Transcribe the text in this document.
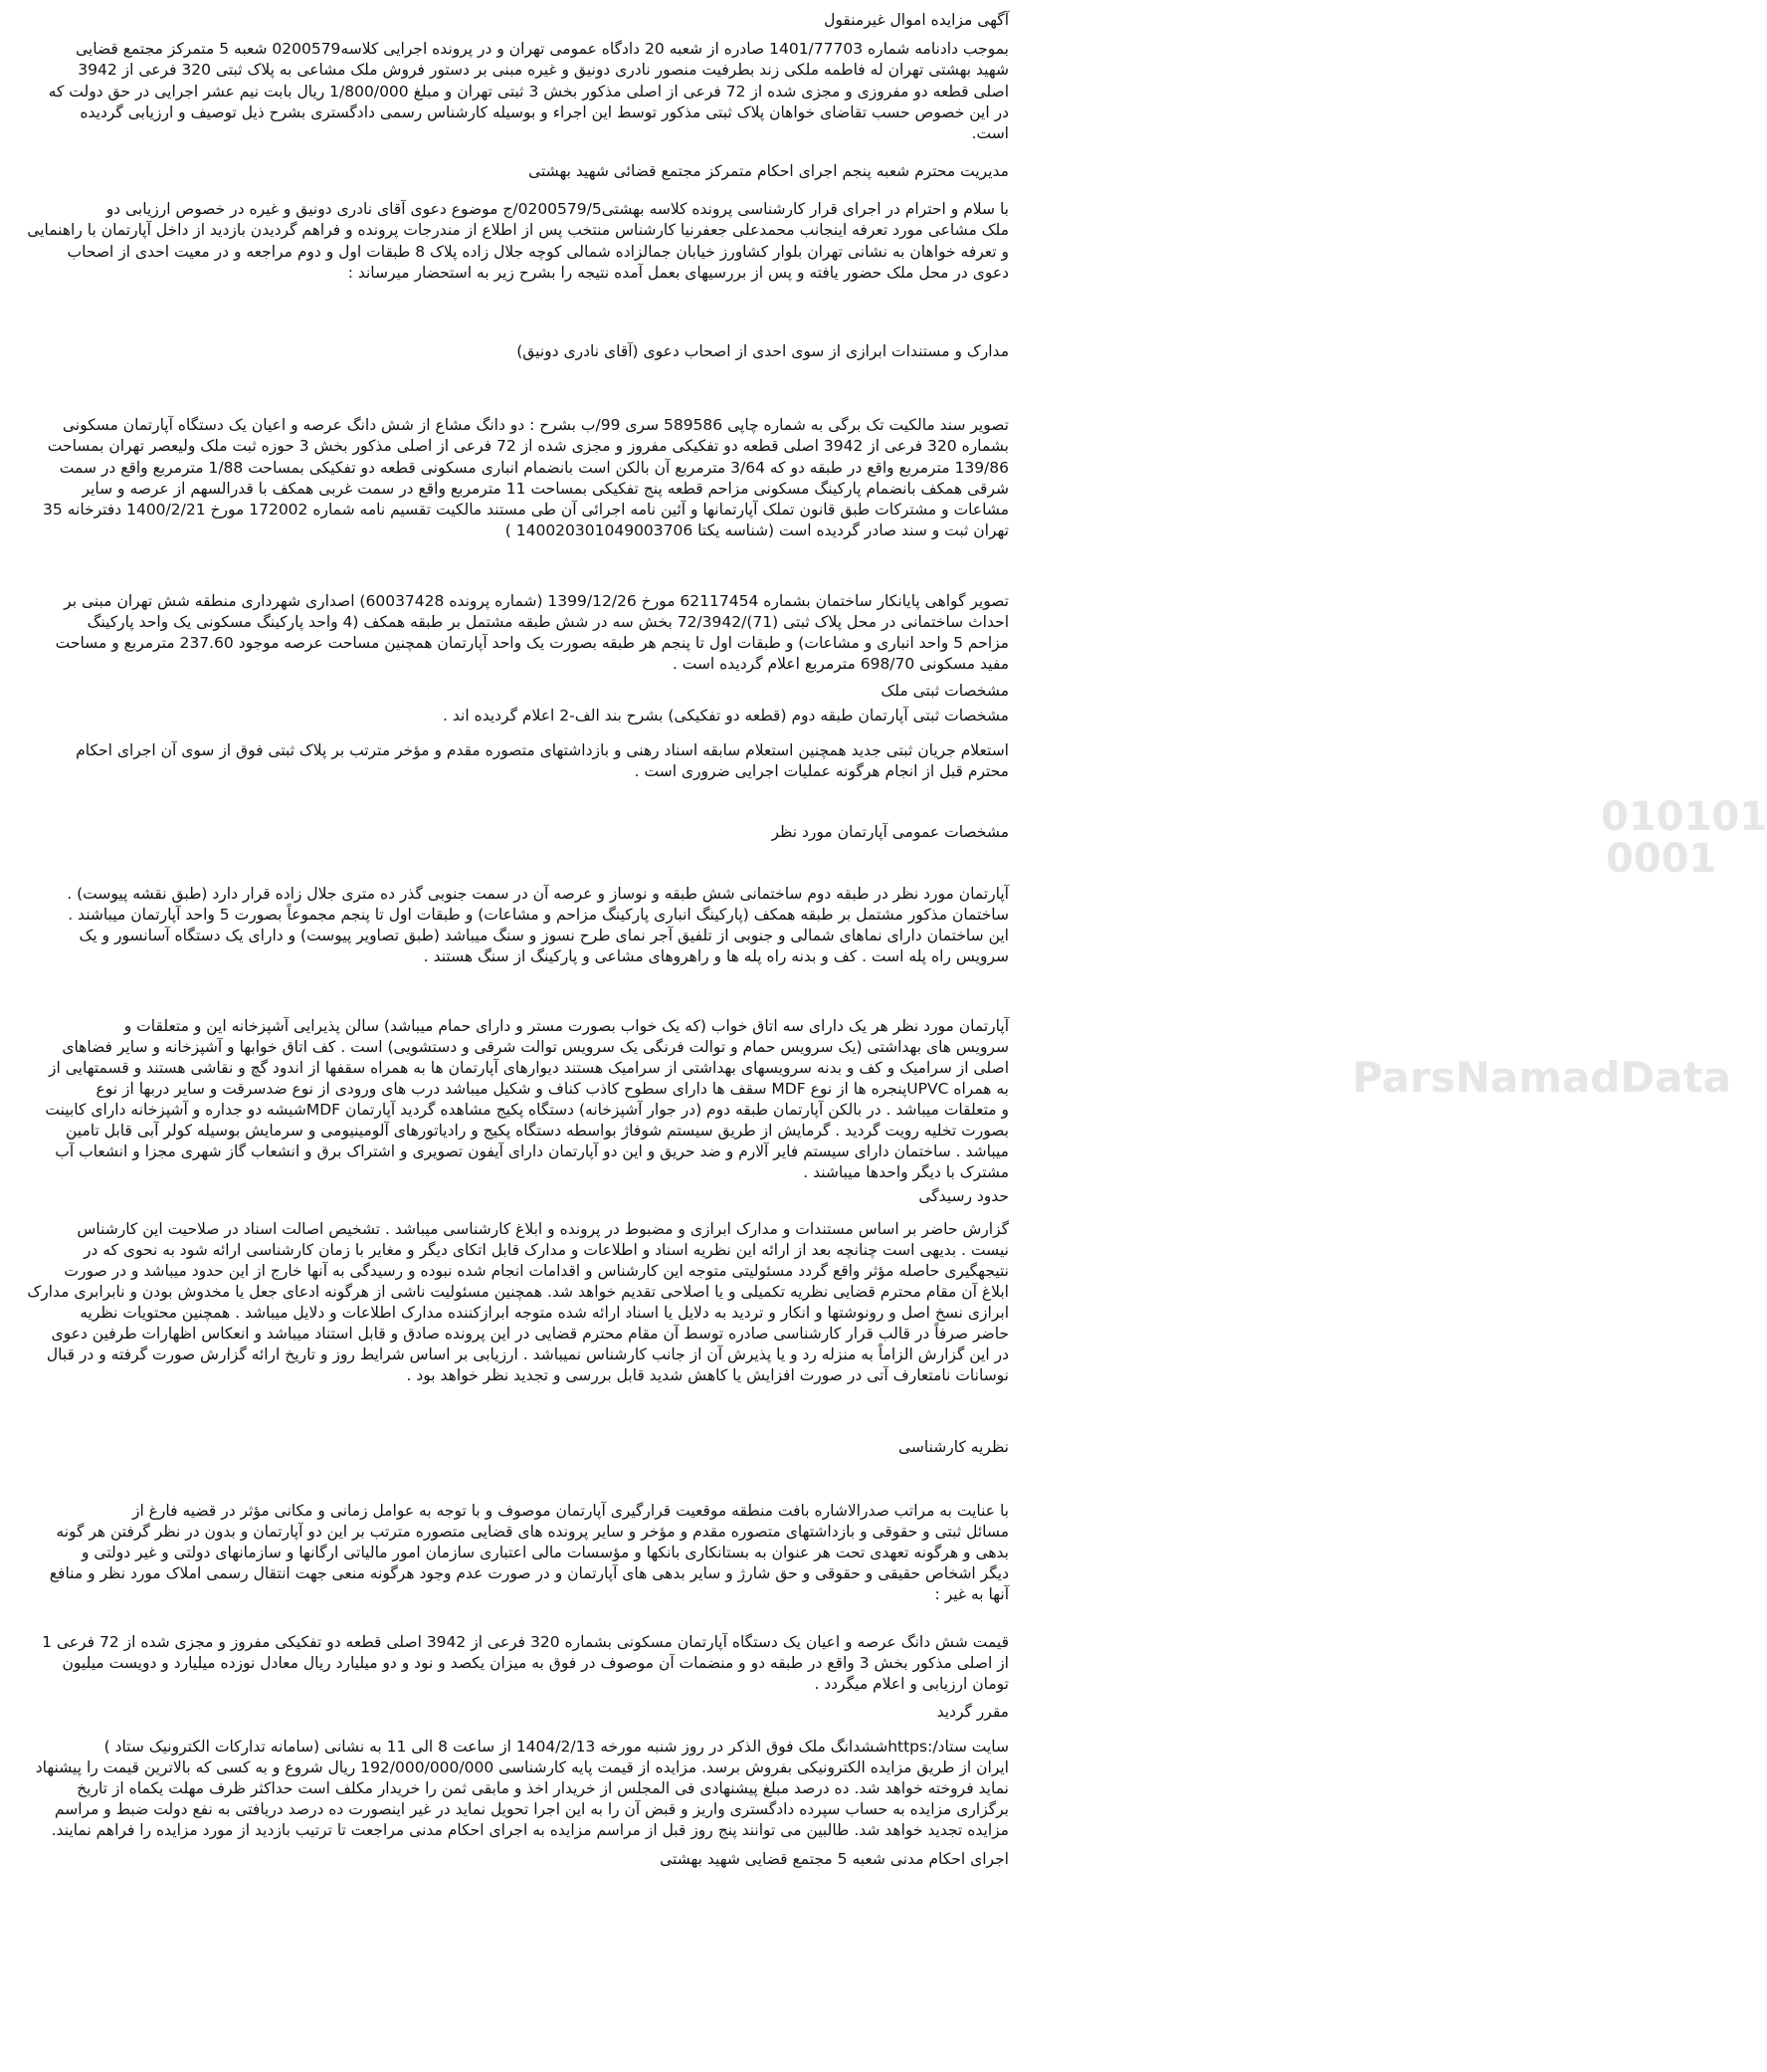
010101
0001
ParsNamadData
آگهی مزایده اموال غیرمنقول
بموجب دادنامه شماره 1401/77703 صادره از شعبه 20 دادگاه عمومی تهران و در پرونده اجرایی کلاسه0200579 شعبه 5 متمرکز مجتمع قضایی
شهید بهشتی تهران له فاطمه ملکی زند بطرفیت منصور نادری دونیق و غیره مبنی بر دستور فروش ملک مشاعی به پلاک ثبتی 320 فرعی از 3942
اصلی قطعه دو مفروزی و مجزی شده از 72 فرعی از اصلی مذکور بخش 3 ثبتی تهران و مبلغ 1/800/000 ریال بابت نیم عشر اجرایی در حق دولت که
در این خصوص حسب تقاضای خواهان پلاک ثبتی مذکور توسط این اجراء و بوسیله کارشناس رسمی دادگستری بشرح ذیل توصیف و ارزیابی گردیده
است.
مدیریت محترم شعبه پنجم اجرای احکام متمرکز مجتمع قضائی شهید بهشتی
با سلام و احترام در اجرای قرار کارشناسی پرونده کلاسه بهشتی0200579/5/ج موضوع دعوی آقای نادری دونیق و غیره در خصوص ارزیابی دو
ملک مشاعی مورد تعرفه اینجانب محمدعلی جعفرنیا کارشناس منتخب پس از اطلاع از مندرجات پرونده و فراهم گردیدن بازدید از داخل آپارتمان با راهنمایی
و تعرفه خواهان به نشانی تهران بلوار کشاورز خیابان جمالزاده شمالی کوچه جلال زاده پلاک 8 طبقات اول و دوم مراجعه و در معیت احدی از اصحاب
دعوی در محل ملک حضور یافته و پس از بررسیهای بعمل آمده نتیجه را بشرح زیر به استحضار میرساند :
مدارک و مستندات ابرازی از سوی احدی از اصحاب دعوی (آقای نادری دونیق)
تصویر سند مالکیت تک برگی به شماره چاپی 589586 سری 99/ب بشرح : دو دانگ مشاع از شش دانگ عرصه و اعیان یک دستگاه آپارتمان مسکونی
بشماره 320 فرعی از 3942 اصلی قطعه دو تفکیکی مفروز و مجزی شده از 72 فرعی از اصلی مذکور بخش 3 حوزه ثبت ملک ولیعصر تهران بمساحت
139/86 مترمربع واقع در طبقه دو که 3/64 مترمربع آن بالکن است بانضمام انباری مسکونی قطعه دو تفکیکی بمساحت 1/88 مترمربع واقع در سمت
شرقی همکف بانضمام پارکینگ مسکونی مزاحم قطعه پنج تفکیکی بمساحت 11 مترمربع واقع در سمت غربی همکف با قدرالسهم از عرصه و سایر
مشاعات و مشترکات طبق قانون تملک آپارتمانها و آئین نامه اجرائی آن طی مستند مالکیت تقسیم نامه شماره 172002 مورخ 1400/2/21 دفترخانه 35
تهران ثبت و سند صادر گردیده است (شناسه یکتا 140020301049003706 )
تصویر گواهی پایانکار ساختمان بشماره 62117454 مورخ 1399/12/26 (شماره پرونده 60037428) اصداری شهرداری منطقه شش تهران مبنی بر
احداث ساختمانی در محل پلاک ثبتی (71)/72/3942 بخش سه در شش طبقه مشتمل بر طبقه همکف (4 واحد پارکینگ مسکونی یک واحد پارکینگ
مزاحم 5 واحد انباری و مشاعات) و طبقات اول تا پنجم هر طبقه بصورت یک واحد آپارتمان همچنین مساحت عرصه موجود 237.60 مترمربع و مساحت
مفید مسکونی 698/70 مترمربع اعلام گردیده است .
مشخصات ثبتی ملک
مشخصات ثبتی آپارتمان طبقه دوم (قطعه دو تفکیکی) بشرح بند الف-2 اعلام گردیده اند .
استعلام جریان ثبتی جدید همچنین استعلام سابقه اسناد رهنی و بازداشتهای متصوره مقدم و مؤخر مترتب بر پلاک ثبتی فوق از سوی آن اجرای احکام
محترم قبل از انجام هرگونه عملیات اجرایی ضروری است .
مشخصات عمومی آپارتمان مورد نظر
آپارتمان مورد نظر در طبقه دوم ساختمانی شش طبقه و نوساز و عرصه آن در سمت جنوبی گذر ده متری جلال زاده قرار دارد (طبق نقشه پیوست) .
ساختمان مذکور مشتمل بر طبقه همکف (پارکینگ انباری پارکینگ مزاحم و مشاعات) و طبقات اول تا پنجم مجموعاً بصورت 5 واحد آپارتمان میباشند .
این ساختمان دارای نماهای شمالی و جنوبی از تلفیق آجر نمای طرح نسوز و سنگ میباشد (طبق تصاویر پیوست) و دارای یک دستگاه آسانسور و یک
سرویس راه پله است . کف و بدنه راه پله ها و راهروهای مشاعی و پارکینگ از سنگ هستند .
آپارتمان مورد نظر هر یک دارای سه اتاق خواب (که یک خواب بصورت مستر و دارای حمام میباشد) سالن پذیرایی آشپزخانه این و متعلقات و
سرویس های بهداشتی (یک سرویس حمام و توالت فرنگی یک سرویس توالت شرقی و دستشویی) است . کف اتاق خوابها و آشپزخانه و سایر فضاهای
اصلی از سرامیک و کف و بدنه سرویسهای بهداشتی از سرامیک هستند دیوارهای آپارتمان ها به همراه سقفها از اندود گچ و نقاشی هستند و قسمتهایی از
به همراه UPVCپنجره ها از نوع MDF سقف ها دارای سطوح کاذب کناف و شکیل میباشد درب های ورودی از نوع ضدسرقت و سایر دربها از نوع
و متعلقات میباشد . در بالکن آپارتمان طبقه دوم (در جوار آشپزخانه) دستگاه پکیج مشاهده گردید آپارتمان MDFشیشه دو جداره و آشپزخانه دارای کابینت
بصورت تخلیه رویت گردید . گرمایش از طریق سیستم شوفاژ بواسطه دستگاه پکیج و رادیاتورهای آلومینیومی و سرمایش بوسیله کولر آبی قابل تامین
میباشد . ساختمان دارای سیستم فایر آلارم و ضد حریق و این دو آپارتمان دارای آیفون تصویری و اشتراک برق و انشعاب گاز شهری مجزا و انشعاب آب
مشترک با دیگر واحدها میباشند .
حدود رسیدگی
گزارش حاضر بر اساس مستندات و مدارک ابرازی و مضبوط در پرونده و ابلاغ کارشناسی میباشد . تشخیص اصالت اسناد در صلاحیت این کارشناس
نیست . بدیهی است چنانچه بعد از ارائه این نظریه اسناد و اطلاعات و مدارک قابل اتکای دیگر و مغایر با زمان کارشناسی ارائه شود به نحوی که در
نتیجهگیری حاصله مؤثر واقع گردد مسئولیتی متوجه این کارشناس و اقدامات انجام شده نبوده و رسیدگی به آنها خارج از این حدود میباشد و در صورت
ابلاغ آن مقام محترم قضایی نظریه تکمیلی و یا اصلاحی تقدیم خواهد شد. همچنین مسئولیت ناشی از هرگونه ادعای جعل یا مخدوش بودن و نابرابری مدارک
ابرازی نسخ اصل و رونوشتها و انکار و تردید به دلایل یا اسناد ارائه شده متوجه ابرازکننده مدارک اطلاعات و دلایل میباشد . همچنین محتویات نظریه
حاضر صرفاً در قالب قرار کارشناسی صادره توسط آن مقام محترم قضایی در این پرونده صادق و قابل استناد میباشد و انعکاس اظهارات طرفین دعوی
در این گزارش الزاماً به منزله رد و یا پذیرش آن از جانب کارشناس نمیباشد . ارزیابی بر اساس شرایط روز و تاریخ ارائه گزارش صورت گرفته و در قبال
نوسانات نامتعارف آتی در صورت افزایش یا کاهش شدید قابل بررسی و تجدید نظر خواهد بود .
نظریه کارشناسی
با عنایت به مراتب صدرالاشاره بافت منطقه موقعیت قرارگیری آپارتمان موصوف و با توجه به عوامل زمانی و مکانی مؤثر در قضیه فارغ از
مسائل ثبتی و حقوقی و بازداشتهای متصوره مقدم و مؤخر و سایر پرونده های قضایی متصوره مترتب بر این دو آپارتمان و بدون در نظر گرفتن هر گونه
بدهی و هرگونه تعهدی تحت هر عنوان به بستانکاری بانکها و مؤسسات مالی اعتباری سازمان امور مالیاتی ارگانها و سازمانهای دولتی و غیر دولتی و
دیگر اشخاص حقیقی و حقوقی و حق شارژ و سایر بدهی های آپارتمان و در صورت عدم وجود هرگونه منعی جهت انتقال رسمی املاک مورد نظر و منافع
آنها به غیر :
قیمت شش دانگ عرصه و اعیان یک دستگاه آپارتمان مسکونی بشماره 320 فرعی از 3942 اصلی قطعه دو تفکیکی مفروز و مجزی شده از 72 فرعی 1
از اصلی مذکور بخش 3 واقع در طبقه دو و منضمات آن موصوف در فوق به میزان یکصد و نود و دو میلیارد ریال معادل نوزده میلیارد و دویست میلیون
تومان ارزیابی و اعلام میگردد .
مقرر گردید
سایت ستاد/:httpsششدانگ ملک فوق الذکر در روز شنبه مورخه 1404/2/13 از ساعت 8 الی 11 به نشانی (سامانه تدارکات الکترونیک ستاد )
ایران از طریق مزایده الکترونیکی بفروش برسد. مزایده از قیمت پایه کارشناسی 192/000/000/000 ریال شروع و به کسی که بالاترین قیمت را پیشنهاد
نماید فروخته خواهد شد. ده درصد مبلغ پیشنهادی فی المجلس از خریدار اخذ و مابقی ثمن را خریدار مکلف است حداکثر ظرف مهلت یکماه از تاریخ
برگزاری مزایده به حساب سپرده دادگستری واریز و قبض آن را به این اجرا تحویل نماید در غیر اینصورت ده درصد دریافتی به نفع دولت ضبط و مراسم
مزایده تجدید خواهد شد. طالبین می توانند پنج روز قبل از مراسم مزایده به اجرای احکام مدنی مراجعت تا ترتیب بازدید از مورد مزایده را فراهم نمایند.
اجرای احکام مدنی شعبه 5 مجتمع قضایی شهید بهشتی
